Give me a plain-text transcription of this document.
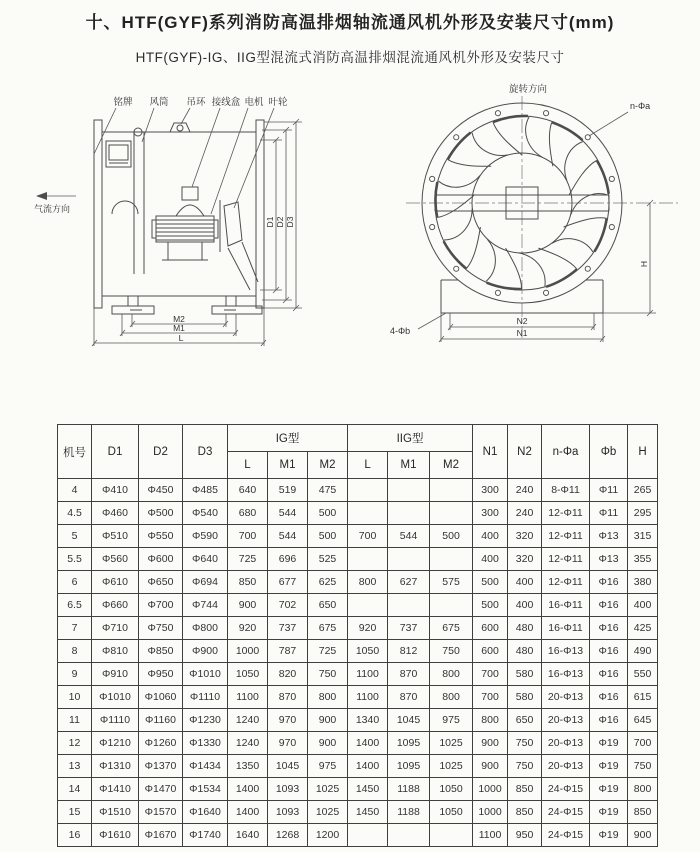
十、HTF(GYF)系列消防高温排烟轴流通风机外形及安装尺寸(mm)
HTF(GYF)-IG、IIG型混流式消防高温排烟混流通风机外形及安装尺寸
铭牌 风筒 吊环 接线盒 电机 叶轮
气流方向
M2
M1
L
D1 D2 D3
旋转方向
n-Φa
4-Φb
N2
N1
H
机号	D1	D2	D3	IG型			IIG型			N1	N2	n-Φa	Φb	H
				L	M1	M2	L	M1	M2					
4	Φ410	Φ450	Φ485	640	519	475				300	240	8-Φ11	Φ11	265
4.5	Φ460	Φ500	Φ540	680	544	500				300	240	12-Φ11	Φ11	295
5	Φ510	Φ550	Φ590	700	544	500	700	544	500	400	320	12-Φ11	Φ13	315
5.5	Φ560	Φ600	Φ640	725	696	525				400	320	12-Φ11	Φ13	355
6	Φ610	Φ650	Φ694	850	677	625	800	627	575	500	400	12-Φ11	Φ16	380
6.5	Φ660	Φ700	Φ744	900	702	650				500	400	16-Φ11	Φ16	400
7	Φ710	Φ750	Φ800	920	737	675	920	737	675	600	480	16-Φ11	Φ16	425
8	Φ810	Φ850	Φ900	1000	787	725	1050	812	750	600	480	16-Φ13	Φ16	490
9	Φ910	Φ950	Φ1010	1050	820	750	1100	870	800	700	580	16-Φ13	Φ16	550
10	Φ1010	Φ1060	Φ1110	1100	870	800	1100	870	800	700	580	20-Φ13	Φ16	615
11	Φ1110	Φ1160	Φ1230	1240	970	900	1340	1045	975	800	650	20-Φ13	Φ16	645
12	Φ1210	Φ1260	Φ1330	1240	970	900	1400	1095	1025	900	750	20-Φ13	Φ19	700
13	Φ1310	Φ1370	Φ1434	1350	1045	975	1400	1095	1025	900	750	20-Φ13	Φ19	750
14	Φ1410	Φ1470	Φ1534	1400	1093	1025	1450	1188	1050	1000	850	24-Φ15	Φ19	800
15	Φ1510	Φ1570	Φ1640	1400	1093	1025	1450	1188	1050	1000	850	24-Φ15	Φ19	850
16	Φ1610	Φ1670	Φ1740	1640	1268	1200				1100	950	24-Φ15	Φ19	900
